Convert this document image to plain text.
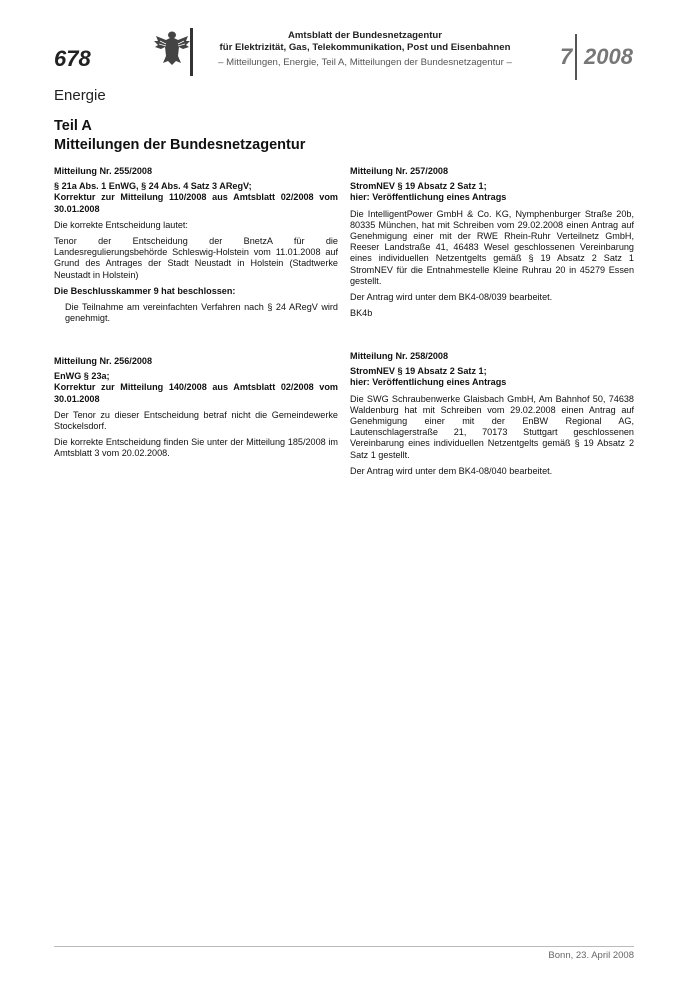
678
Amtsblatt der Bundesnetzagentur
für Elektrizität, Gas, Telekommunikation, Post und Eisenbahnen
– Mitteilungen, Energie, Teil A, Mitteilungen der Bundesnetzagentur –	7 2008
Energie
Teil A
Mitteilungen der Bundesnetzagentur

Mitteilung Nr. 255/2008

§ 21a Abs. 1 EnWG, § 24 Abs. 4 Satz 3 ARegV;
Korrektur zur Mitteilung 110/2008 aus Amtsblatt 02/2008 vom 30.01.2008

Die korrekte Entscheidung lautet:

Tenor der Entscheidung der BnetzA für die Landesregulierungsbehörde Schleswig-Holstein vom 11.01.2008 auf Grund des Antrages der Stadt Neustadt in Holstein (Stadtwerke Neustadt in Holstein)

Die Beschlusskammer 9 hat beschlossen:

Die Teilnahme am vereinfachten Verfahren nach § 24 ARegV wird genehmigt.

Mitteilung Nr. 256/2008

EnWG § 23a;
Korrektur zur Mitteilung 140/2008 aus Amtsblatt 02/2008 vom 30.01.2008

Der Tenor zu dieser Entscheidung betraf nicht die Gemeindewerke Stockelsdorf.

Die korrekte Entscheidung finden Sie unter der Mitteilung 185/2008 im Amtsblatt 3 vom 20.02.2008.

Mitteilung Nr. 257/2008

StromNEV § 19 Absatz 2 Satz 1;
hier: Veröffentlichung eines Antrags

Die IntelligentPower GmbH & Co. KG, Nymphenburger Straße 20b, 80335 München, hat mit Schreiben vom 29.02.2008 einen Antrag auf Genehmigung einer mit der RWE Rhein-Ruhr Verteilnetz GmbH, Reeser Landstraße 41, 46483 Wesel geschlossenen Vereinbarung eines individuellen Netzentgelts gemäß § 19 Absatz 2 Satz 1 StromNEV für die Entnahmestelle Kleine Ruhrau 20 in 45279 Essen gestellt.

Der Antrag wird unter dem BK4-08/039 bearbeitet.

BK4b

Mitteilung Nr. 258/2008

StromNEV § 19 Absatz 2 Satz 1;
hier: Veröffentlichung eines Antrags

Die SWG Schraubenwerke Glaisbach GmbH, Am Bahnhof 50, 74638 Waldenburg hat mit Schreiben vom 29.02.2008 einen Antrag auf Genehmigung einer mit der EnBW Regional AG, Lautenschlagerstraße 21, 70173 Stuttgart geschlossenen Vereinbarung eines individuellen Netzentgelts gemäß § 19 Absatz 2 Satz 1 gestellt.

Der Antrag wird unter dem BK4-08/040 bearbeitet.

Bonn, 23. April 2008
